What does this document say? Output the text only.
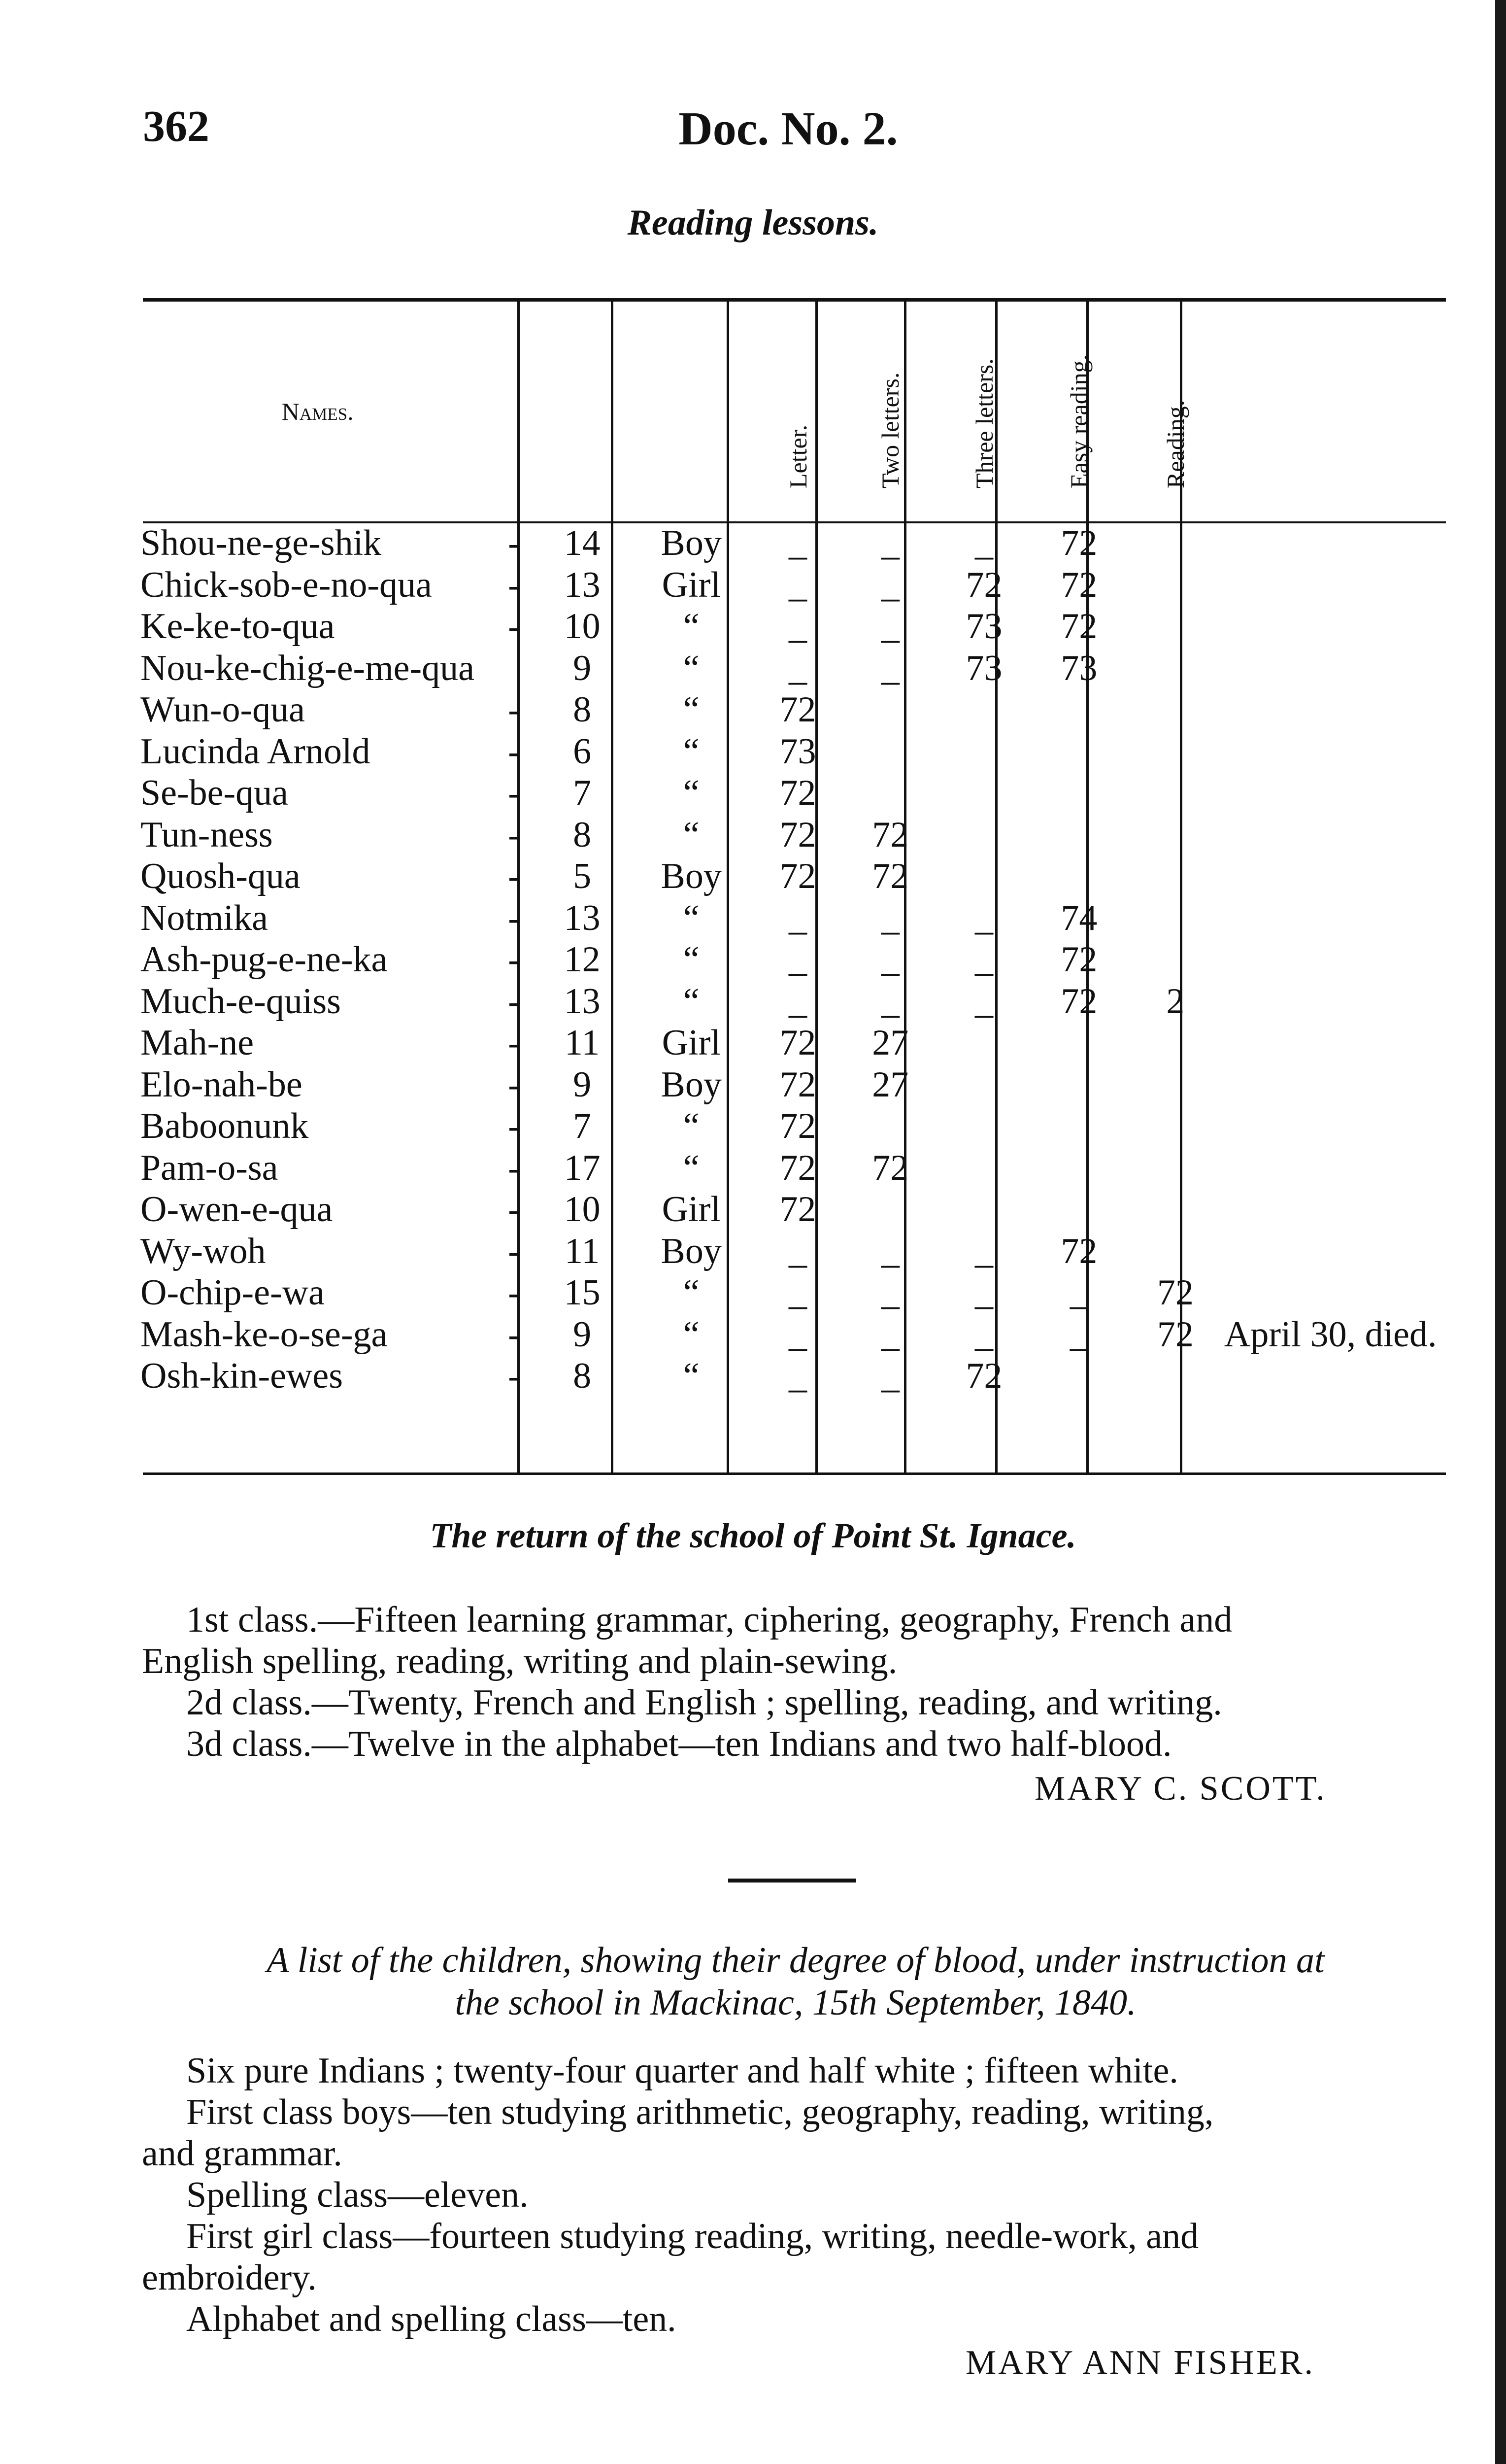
362	Doc. No. 2.
Reading lessons.
Names.				Letter.	Two letters.	Three letters.	Easy reading.	Reading.	

Shou-ne-ge-shik	-	14	Boy	_	_	_	72		
Chick-sob-e-no-qua	-	13	Girl	_	_	72	72		
Ke-ke-to-qua	-	10	“	_	_	73	72		
Nou-ke-chig-e-me-qua		9	“	_	_	73	73		
Wun-o-qua	-	8	“	72					
Lucinda Arnold	-	6	“	73					
Se-be-qua	-	7	“	72					
Tun-ness	-	8	“	72	72				
Quosh-qua	-	5	Boy	72	72				
Notmika	-	13	“	_	_	_	74		
Ash-pug-e-ne-ka	-	12	“	_	_	_	72		
Much-e-quiss	-	13	“	_	_	_	72	2	
Mah-ne	-	11	Girl	72	27				
Elo-nah-be	-	9	Boy	72	27				
Baboonunk	-	7	“	72					
Pam-o-sa	-	17	“	72	72				
O-wen-e-qua	-	10	Girl	72					
Wy-woh	-	11	Boy	_	_	_	72		
O-chip-e-wa	-	15	“	_	_	_	_	72	
Mash-ke-o-se-ga	-	9	“	_	_	_	_	72	April 30, died.
Osh-kin-ewes	-	8	“	_	_	72			
The return of the school of Point St. Ignace.
1st class.—Fifteen learning grammar, ciphering, geography, French and
English spelling, reading, writing and plain-sewing.
2d class.—Twenty, French and English ; spelling, reading, and writing.
3d class.—Twelve in the alphabet—ten Indians and two half-blood.
MARY C. SCOTT.
A list of the children, showing their degree of blood, under instruction at
the school in Mackinac, 15th September, 1840.
Six pure Indians ; twenty-four quarter and half white ; fifteen white.
First class boys—ten studying arithmetic, geography, reading, writing,
and grammar.
Spelling class—eleven.
First girl class—fourteen studying reading, writing, needle-work, and
embroidery.
Alphabet and spelling class—ten.
MARY ANN FISHER.
